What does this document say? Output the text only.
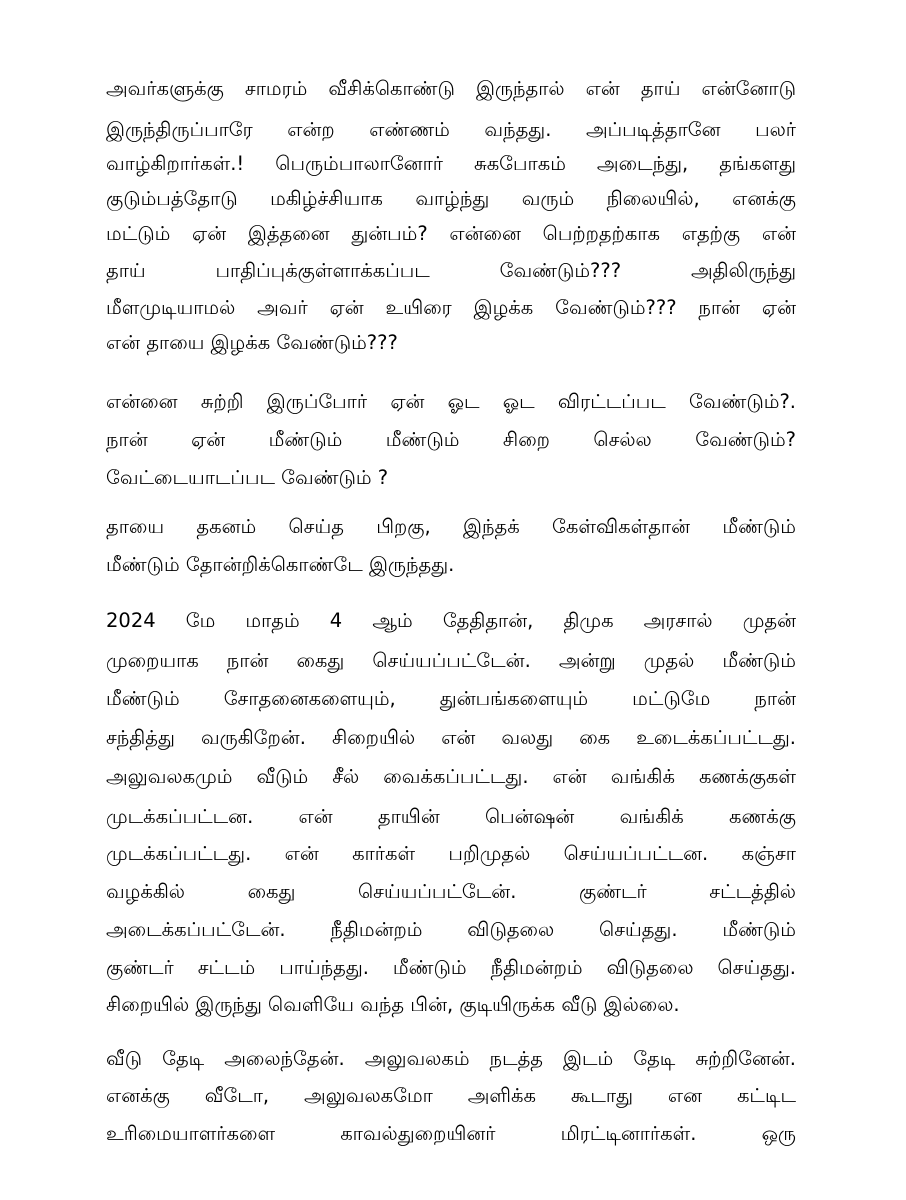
அவர்களுக்கு சாமரம் வீசிக்கொண்டு இருந்தால் என் தாய் என்னோடு
இருந்திருப்பாரே என்ற எண்ணம் வந்தது. அப்படித்தானே பலர்
வாழ்கிறார்கள்.! பெரும்பாலானோர் சுகபோகம் அடைந்து, தங்களது
குடும்பத்தோடு மகிழ்ச்சியாக வாழ்ந்து வரும் நிலையில், எனக்கு
மட்டும் ஏன் இத்தனை துன்பம்? என்னை பெற்றதற்காக எதற்கு என்
தாய் பாதிப்புக்குள்ளாக்கப்பட வேண்டும்??? அதிலிருந்து
மீளமுடியாமல் அவர் ஏன் உயிரை இழக்க வேண்டும்??? நான் ஏன்
என் தாயை இழக்க வேண்டும்???
என்னை சுற்றி இருப்போர் ஏன் ஓட ஓட விரட்டப்பட வேண்டும்?.
நான் ஏன் மீண்டும் மீண்டும் சிறை செல்ல வேண்டும்?
வேட்டையாடப்பட வேண்டும் ?
தாயை தகனம் செய்த பிறகு, இந்தக் கேள்விகள்தான் மீண்டும்
மீண்டும் தோன்றிக்கொண்டே இருந்தது.
2024 மே மாதம் 4 ஆம் தேதிதான், திமுக அரசால் முதன்
முறையாக நான் கைது செய்யப்பட்டேன். அன்று முதல் மீண்டும்
மீண்டும் சோதனைகளையும், துன்பங்களையும் மட்டுமே நான்
சந்தித்து வருகிறேன். சிறையில் என் வலது கை உடைக்கப்பட்டது.
அலுவலகமும் வீடும் சீல் வைக்கப்பட்டது. என் வங்கிக் கணக்குகள்
முடக்கப்பட்டன. என் தாயின் பென்ஷன் வங்கிக் கணக்கு
முடக்கப்பட்டது. என் கார்கள் பறிமுதல் செய்யப்பட்டன. கஞ்சா
வழக்கில் கைது செய்யப்பட்டேன். குண்டர் சட்டத்தில்
அடைக்கப்பட்டேன். நீதிமன்றம் விடுதலை செய்தது. மீண்டும்
குண்டர் சட்டம் பாய்ந்தது. மீண்டும் நீதிமன்றம் விடுதலை செய்தது.
சிறையில் இருந்து வெளியே வந்த பின், குடியிருக்க வீடு இல்லை.
வீடு தேடி அலைந்தேன். அலுவலகம் நடத்த இடம் தேடி சுற்றினேன்.
எனக்கு வீடோ, அலுவலகமோ அளிக்க கூடாது என கட்டிட
உரிமையாளர்களை காவல்துறையினர் மிரட்டினார்கள். ஒரு
